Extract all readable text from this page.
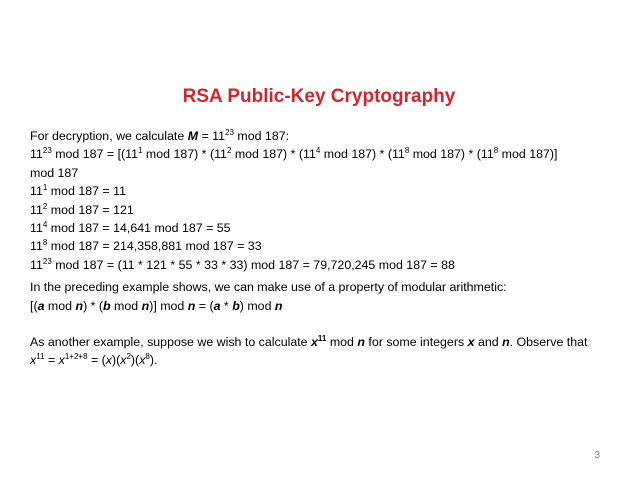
RSA Public-Key Cryptography
For decryption, we calculate $M = 11^{23}$ mod 187:
$11^{23}$ mod $187 = [(11^1$ mod $187) * (11^2$ mod $187) * (11^4$ mod $187) * (11^8$ mod $187) * (11^8$ mod 187)]
mod 187
$11^1$ mod 187 = 11
$11^2$ mod 187 = 121
$11^4$ mod 187 = 14,641 mod 187 = 55
$11^8$ mod 187 = 214,358,881 mod 187 = 33
$11^{23}$ mod 187 = (11 * 121 * 55 * 33 * 33) mod 187 = 79,720,245 mod 187 = 88
In the preceding example shows, we can make use of a property of modular arithmetic:
[(a mod n) * (b mod n)] mod n = (a * b) mod n
As another example, suppose we wish to calculate $x^{11}$ mod n for some integers x and n. Observe that
$x^{11} = x^{1+2+8} = (x)(x^2)(x^8)$.
3
